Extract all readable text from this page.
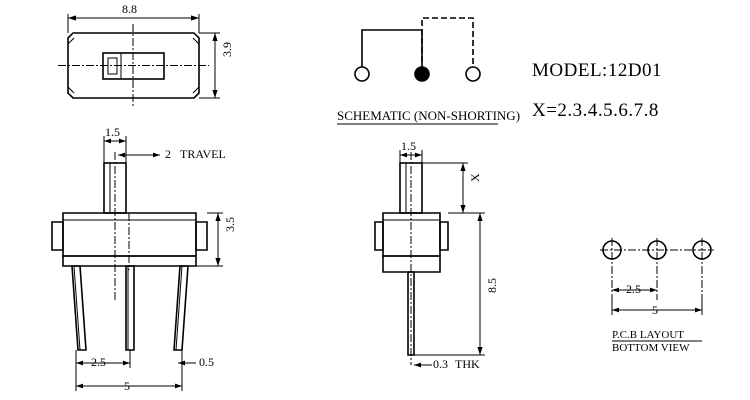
8.8
3.9
1.5
2 TRAVEL
3.5
2.5	0.5
5
1.5
X
8.5
0.3 THK
SCHEMATIC (NON-SHORTING)
MODEL:12D01
X=2.3.4.5.6.7.8
2.5
5
P.C.B LAYOUT
BOTTOM VIEW
